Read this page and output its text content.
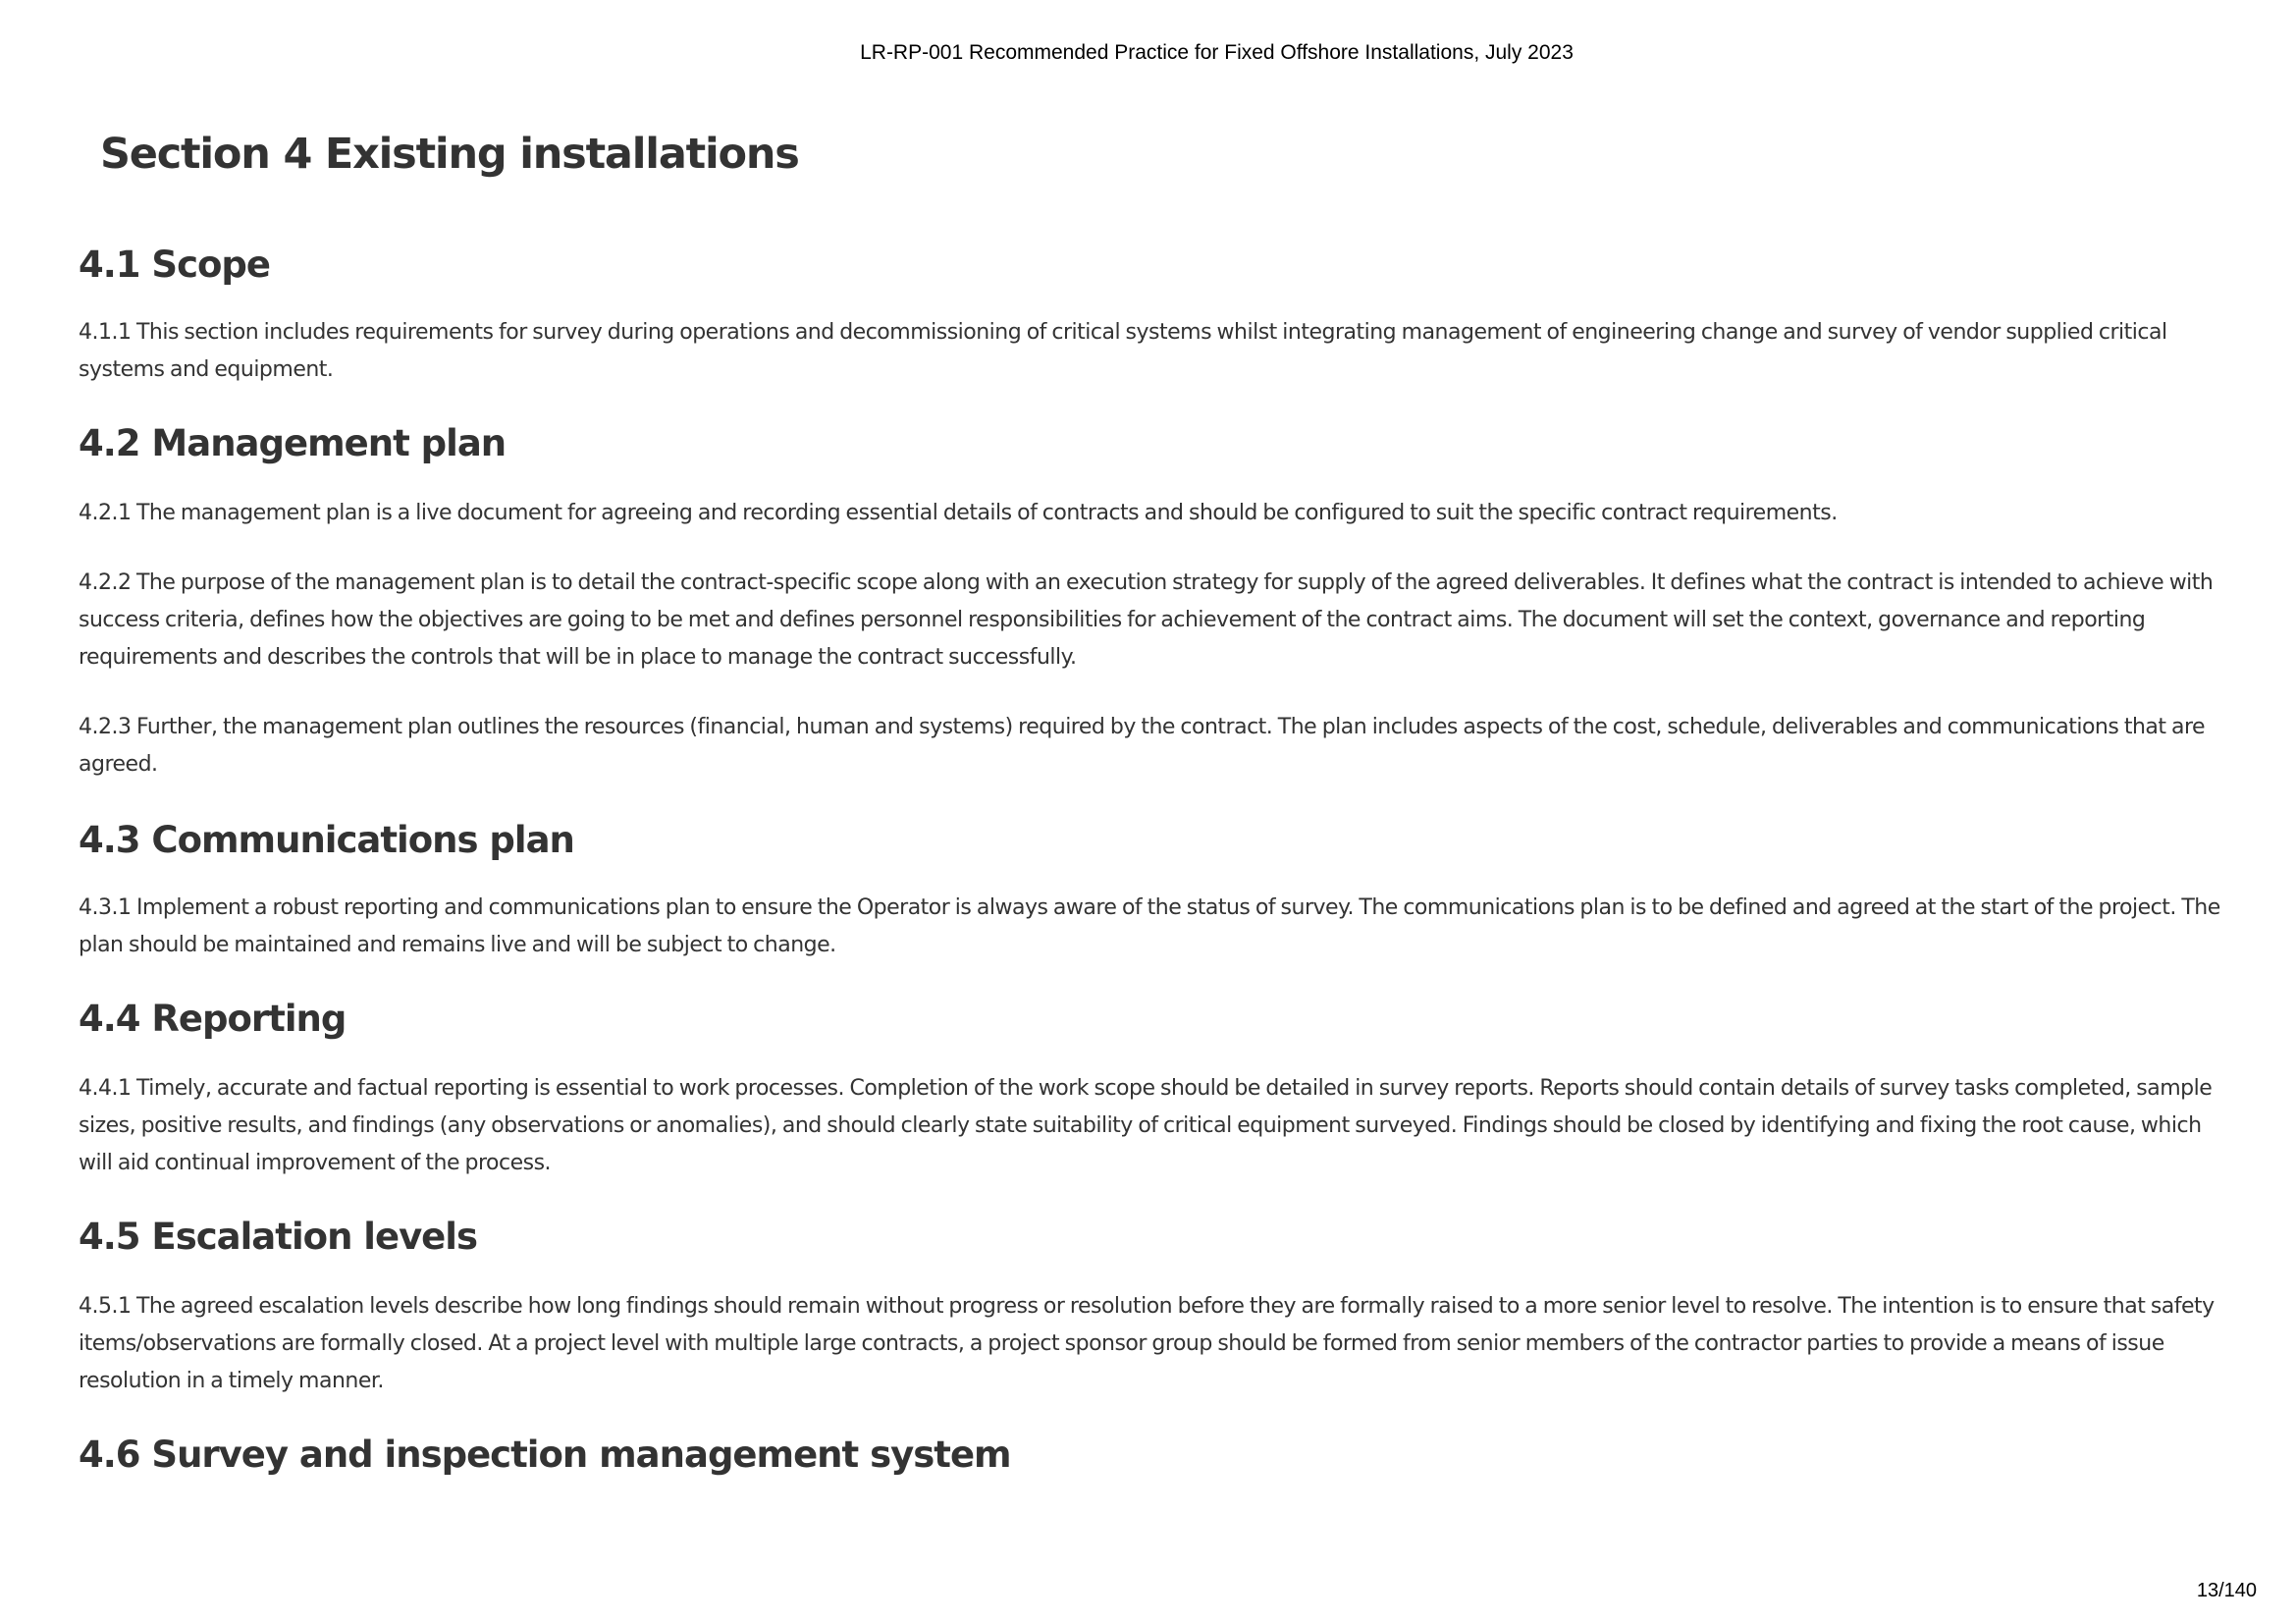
LR-RP-001 Recommended Practice for Fixed Offshore Installations, July 2023
Section 4 Existing installations
4.1 Scope

4.1.1 This section includes requirements for survey during operations and decommissioning of critical systems whilst integrating management of engineering change and survey of vendor supplied critical systems and equipment.

4.2 Management plan

4.2.1 The management plan is a live document for agreeing and recording essential details of contracts and should be configured to suit the specific contract requirements.

4.2.2 The purpose of the management plan is to detail the contract-specific scope along with an execution strategy for supply of the agreed deliverables. It defines what the contract is intended to achieve with success criteria, defines how the objectives are going to be met and defines personnel responsibilities for achievement of the contract aims. The document will set the context, governance and reporting requirements and describes the controls that will be in place to manage the contract successfully.

4.2.3 Further, the management plan outlines the resources (financial, human and systems) required by the contract. The plan includes aspects of the cost, schedule, deliverables and communications that are agreed.

4.3 Communications plan

4.3.1 Implement a robust reporting and communications plan to ensure the Operator is always aware of the status of survey. The communications plan is to be defined and agreed at the start of the project. The plan should be maintained and remains live and will be subject to change.

4.4 Reporting

4.4.1 Timely, accurate and factual reporting is essential to work processes. Completion of the work scope should be detailed in survey reports. Reports should contain details of survey tasks completed, sample sizes, positive results, and findings (any observations or anomalies), and should clearly state suitability of critical equipment surveyed. Findings should be closed by identifying and fixing the root cause, which will aid continual improvement of the process.

4.5 Escalation levels

4.5.1 The agreed escalation levels describe how long findings should remain without progress or resolution before they are formally raised to a more senior level to resolve. The intention is to ensure that safety items/observations are formally closed. At a project level with multiple large contracts, a project sponsor group should be formed from senior members of the contractor parties to provide a means of issue resolution in a timely manner.

4.6 Survey and inspection management system
13/140
